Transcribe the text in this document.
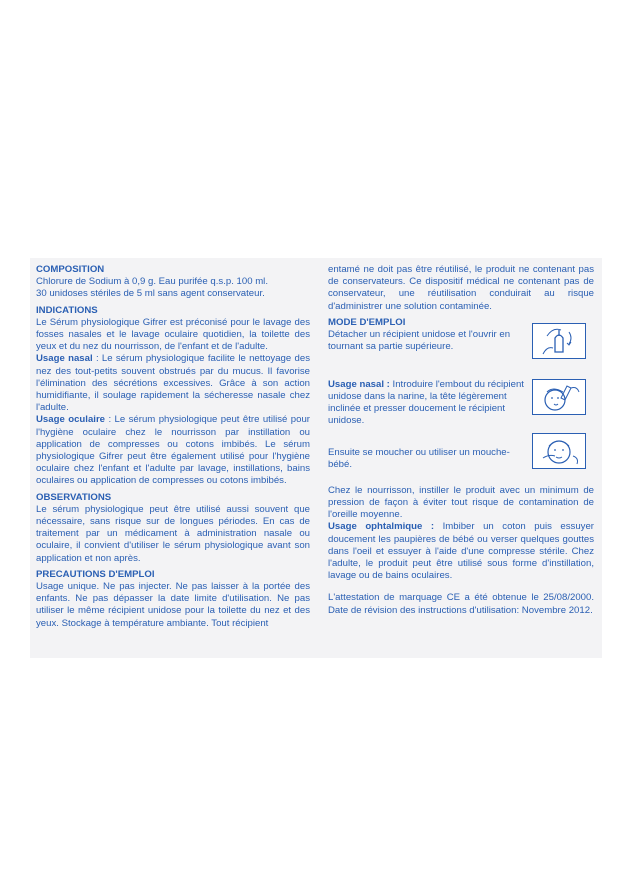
COMPOSITION

Chlorure de Sodium à 0,9 g. Eau purifée q.s.p. 100 ml.

30 unidoses stériles de 5 ml sans agent conservateur.

INDICATIONS

Le Sérum physiologique Gifrer est préconisé pour le lavage des fosses nasales et le lavage oculaire quotidien, la toilette des yeux et du nez du nourrisson, de l'enfant et de l'adulte.

Usage nasal : Le sérum physiologique facilite le nettoyage des nez des tout-petits souvent obstrués par du mucus. Il favorise l'élimination des sécrétions excessives. Grâce à son action humidifiante, il soulage rapidement la sécheresse nasale chez l'adulte.

Usage oculaire : Le sérum physiologique peut être utilisé pour l'hygiène oculaire chez le nourrisson par instillation ou application de compresses ou cotons imbibés. Le sérum physiologique Gifrer peut être également utilisé pour l'hygiène oculaire chez l'enfant et l'adulte par lavage, instillations, bains oculaires ou application de compresses ou cotons imbibés.

OBSERVATIONS

Le sérum physiologique peut être utilisé aussi souvent que nécessaire, sans risque sur de longues périodes. En cas de traitement par un médicament à administration nasale ou oculaire, il convient d'utiliser le sérum physiologique avant son application et non après.

PRECAUTIONS D'EMPLOI

Usage unique. Ne pas injecter. Ne pas laisser à la portée des enfants. Ne pas dépasser la date limite d'utilisation. Ne pas utiliser le même récipient unidose pour la toilette du nez et des yeux. Stockage à température ambiante. Tout récipient

entamé ne doit pas être réutilisé, le produit ne contenant pas de conservateurs. Ce dispositif médical ne contenant pas de conservateur, une réutilisation conduirait au risque d'administrer une solution contaminée.

MODE D'EMPLOI

Détacher un récipient unidose et l'ouvrir en tournant sa partie supérieure.

Usage nasal : Introduire l'embout du récipient unidose dans la narine, la tête légèrement inclinée et presser doucement le récipient unidose.

Ensuite se moucher ou utiliser un mouche-bébé.

Chez le nourrisson, instiller le produit avec un minimum de pression de façon à éviter tout risque de contamination de l'oreille moyenne.

Usage ophtalmique : Imbiber un coton puis essuyer doucement les paupières de bébé ou verser quelques gouttes dans l'oeil et essuyer à l'aide d'une compresse stérile. Chez l'adulte, le produit peut être utilisé sous forme d'instillation, lavage ou de bains oculaires.

L'attestation de marquage CE a été obtenue le 25/08/2000. Date de révision des instructions d'utilisation: Novembre 2012.
